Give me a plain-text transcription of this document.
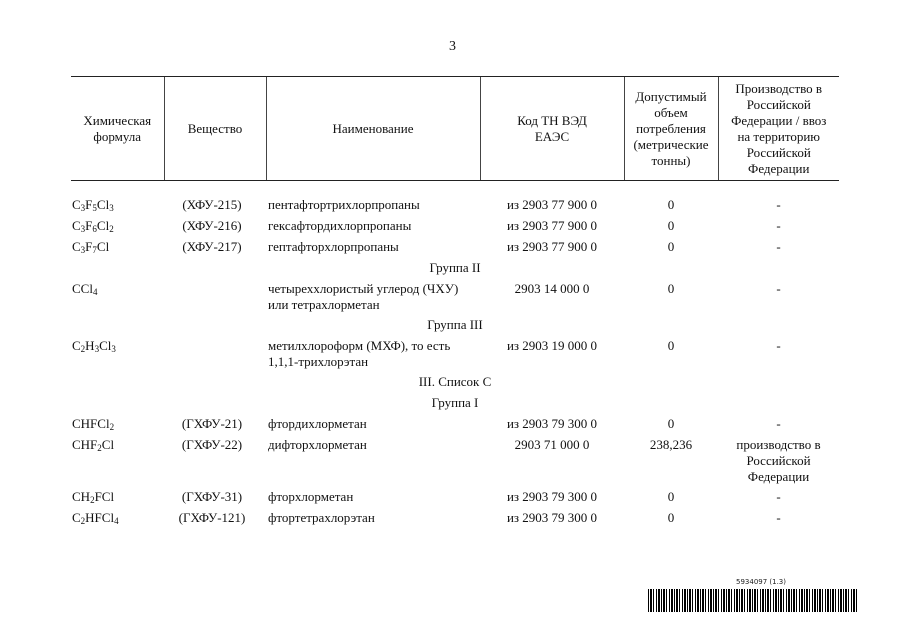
3
Химическая формула	Вещество	Наименование	Код ТН ВЭД ЕАЭС	Допустимый объем потребления (метрические тонны)	Производство в Российской Федерации / ввоз на территорию Российской Федерации

$C_3F_5Cl_3$	(ХФУ-215)	пентафтортрихлорпропаны	из 2903 77 900 0	0	-
$C_3F_6Cl_2$	(ХФУ-216)	гексафтордихлорпропаны	из 2903 77 900 0	0	-
$C_3F_7Cl$	(ХФУ-217)	гептафторхлорпропаны	из 2903 77 900 0	0	-
Группа II					
CCl$_4$		четыреххлористый углерод (ЧХУ) или тетрахлорметан	2903 14 000 0	0	-
Группа III					
$C_2H_3Cl_3$		метилхлороформ (МХФ), то есть 1,1,1-трихлорэтан	из 2903 19 000 0	0	-
III. Список С					
Группа I					
CHFCl$_2$	(ГХФУ-21)	фтордихлорметан	из 2903 79 300 0	0	-
$CHF_2Cl$	(ГХФУ-22)	дифторхлорметан	2903 71 000 0	238,236	производство в Российской Федерации
$CH_2FCl$	(ГХФУ-31)	фторхлорметан	из 2903 79 300 0	0	-
$C_2HFCl_4$	(ГХФУ-121)	фтортетрахлорэтан	из 2903 79 300 0	0	-
5934097 (1.3)
